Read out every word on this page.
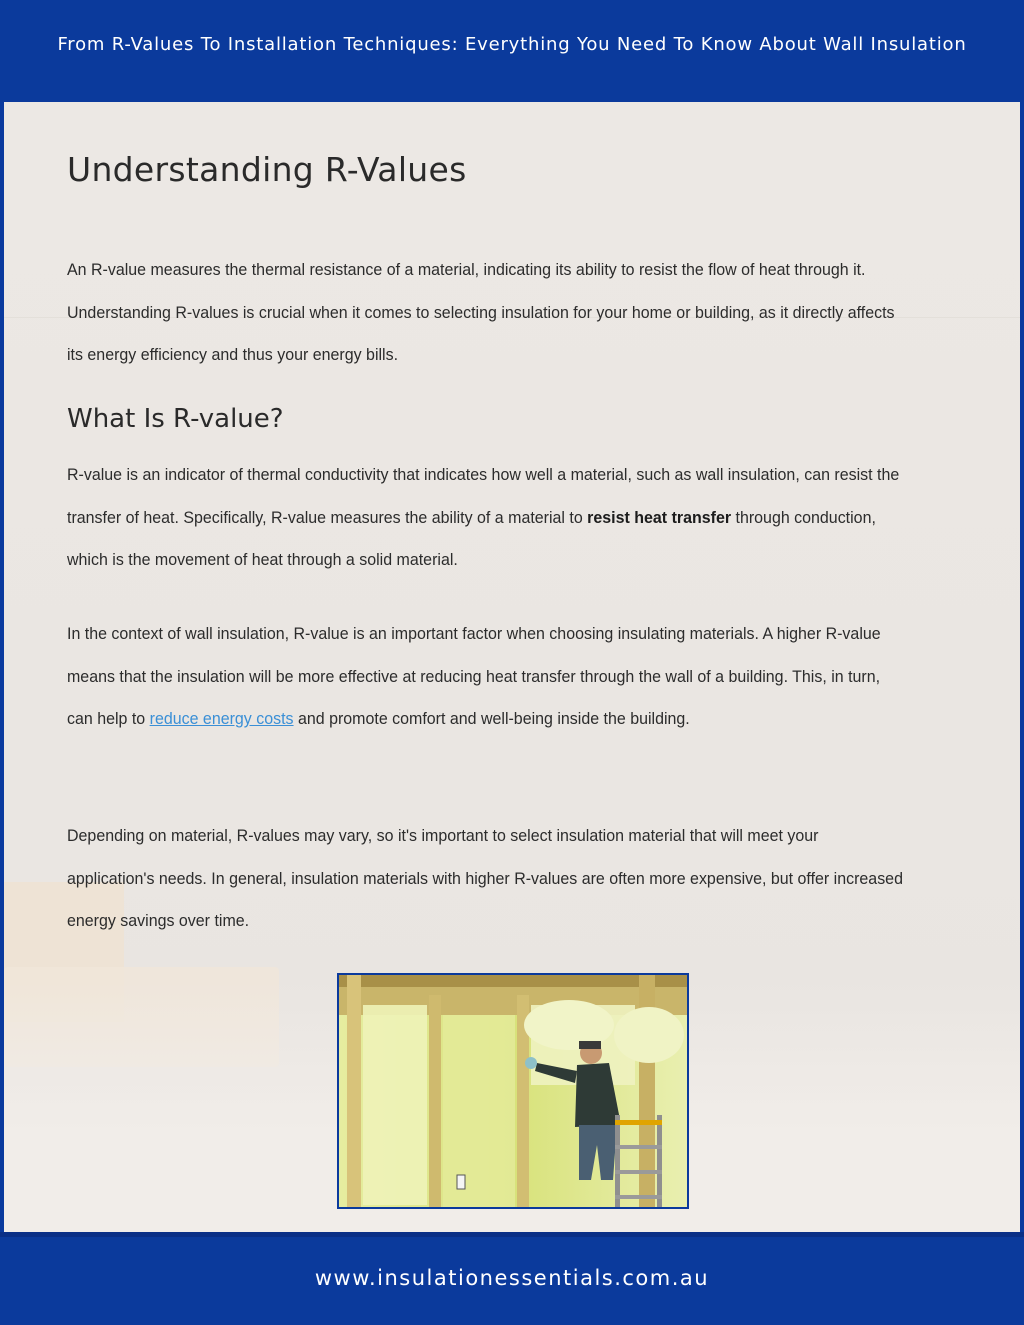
From R-Values To Installation Techniques: Everything You Need To Know About Wall Insulation
Understanding R-Values

An R-value measures the thermal resistance of a material, indicating its ability to resist the flow of heat through it. Understanding R-values is crucial when it comes to selecting insulation for your home or building, as it directly affects its energy efficiency and thus your energy bills.

What Is R-value?

R-value is an indicator of thermal conductivity that indicates how well a material, such as wall insulation, can resist the transfer of heat. Specifically, R-value measures the ability of a material to resist heat transfer through conduction, which is the movement of heat through a solid material.

In the context of wall insulation, R-value is an important factor when choosing insulating materials. A higher R-value means that the insulation will be more effective at reducing heat transfer through the wall of a building. This, in turn, can help to reduce energy costs and promote comfort and well-being inside the building.

Depending on material, R-values may vary, so it's important to select insulation material that will meet your application's needs. In general, insulation materials with higher R-values are often more expensive, but offer increased energy savings over time.

www.insulationessentials.com.au
